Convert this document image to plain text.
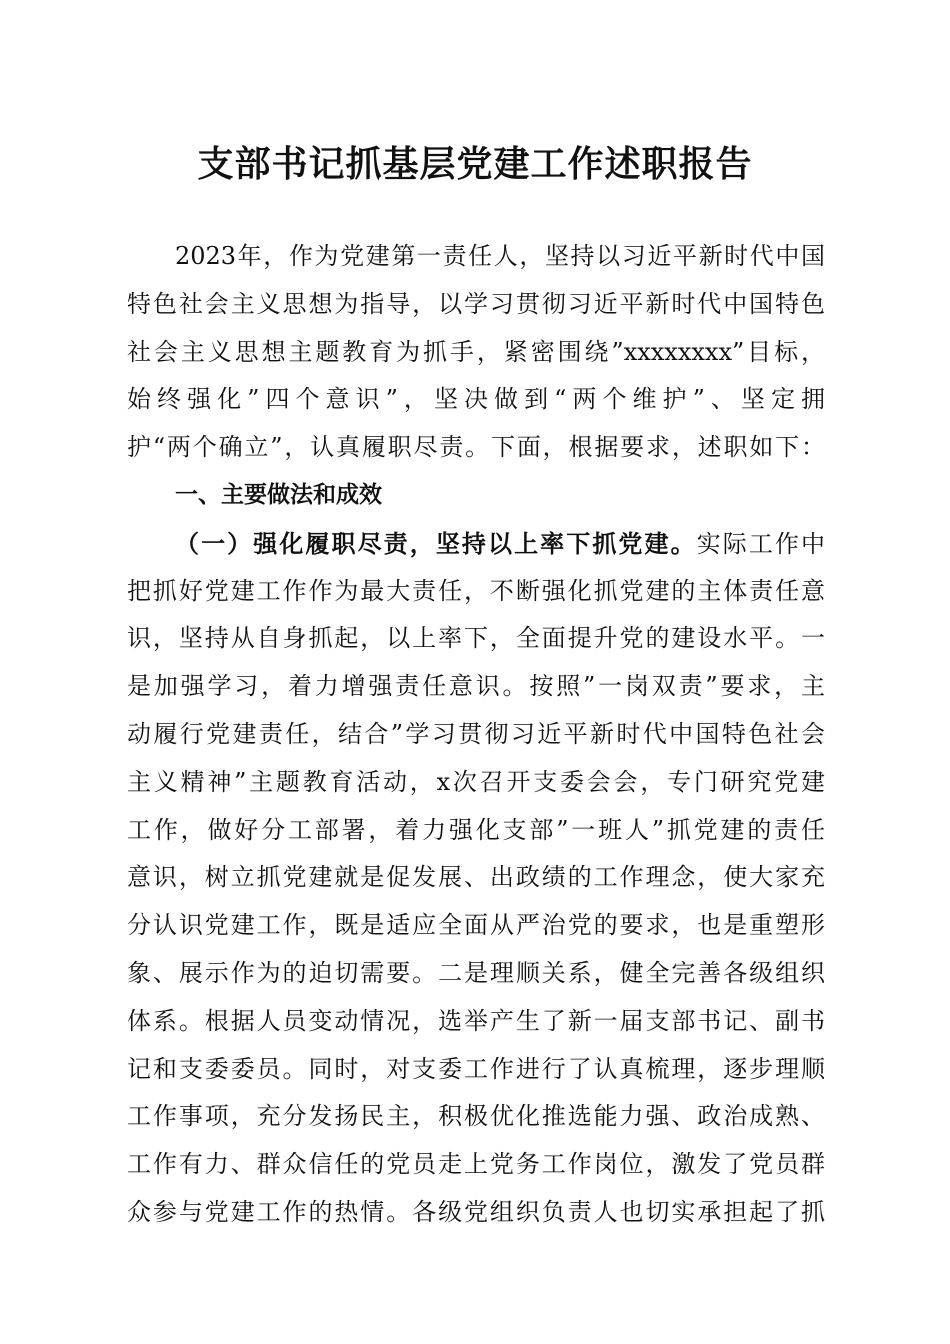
支部书记抓基层党建工作述职报告
2023年，作为党建第一责任人，坚持以习近平新时代中国
特色社会主义思想为指导，以学习贯彻习近平新时代中国特色
社会主义思想主题教育为抓手，紧密围绕”xxxxxxxx”目标，
始终强化”四个意识”，坚决做到“两个维护”、坚定拥
护“两个确立”，认真履职尽责。下面，根据要求，述职如下：
一、主要做法和成效
（一）强化履职尽责，坚持以上率下抓党建。实际工作中
把抓好党建工作作为最大责任，不断强化抓党建的主体责任意
识，坚持从自身抓起，以上率下，全面提升党的建设水平。一
是加强学习，着力增强责任意识。按照”一岗双责”要求，主
动履行党建责任，结合”学习贯彻习近平新时代中国特色社会
主义精神”主题教育活动，x次召开支委会会，专门研究党建
工作，做好分工部署，着力强化支部”一班人”抓党建的责任
意识，树立抓党建就是促发展、出政绩的工作理念，使大家充
分认识党建工作，既是适应全面从严治党的要求，也是重塑形
象、展示作为的迫切需要。二是理顺关系，健全完善各级组织
体系。根据人员变动情况，选举产生了新一届支部书记、副书
记和支委委员。同时，对支委工作进行了认真梳理，逐步理顺
工作事项，充分发扬民主，积极优化推选能力强、政治成熟、
工作有力、群众信任的党员走上党务工作岗位，激发了党员群
众参与党建工作的热情。各级党组织负责人也切实承担起了抓
